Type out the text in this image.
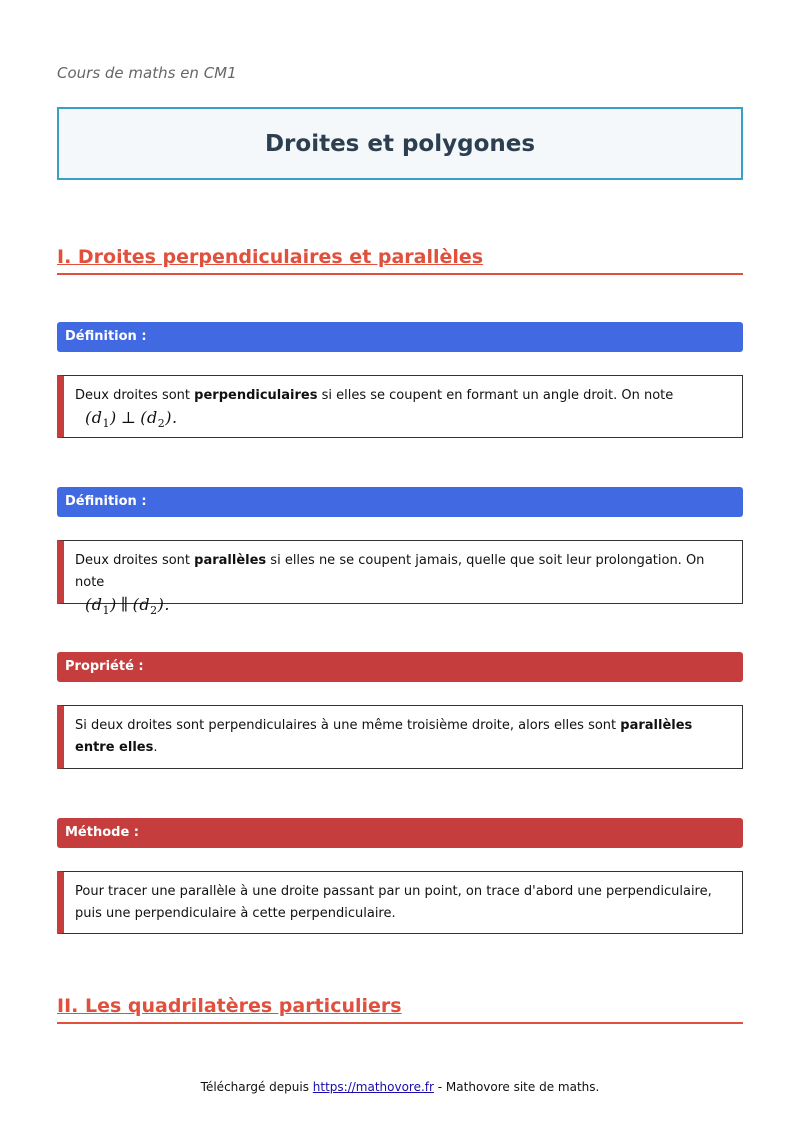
Cours de maths en CM1
Droites et polygones
I. Droites perpendiculaires et parallèles
Définition :
Deux droites sont perpendiculaires si elles se coupent en formant un angle droit. On note
$(d_1)$ ⊥ $(d_2)$.
Définition :
Deux droites sont parallèles si elles ne se coupent jamais, quelle que soit leur prolongation. On note
$(d_1)$ ∥ $(d_2)$.
Propriété :
Si deux droites sont perpendiculaires à une même troisième droite, alors elles sont parallèles entre elles.
Méthode :
Pour tracer une parallèle à une droite passant par un point, on trace d'abord une perpendiculaire, puis une perpendiculaire à cette perpendiculaire.
II. Les quadrilatères particuliers
Téléchargé depuis https://mathovore.fr - Mathovore site de maths.
